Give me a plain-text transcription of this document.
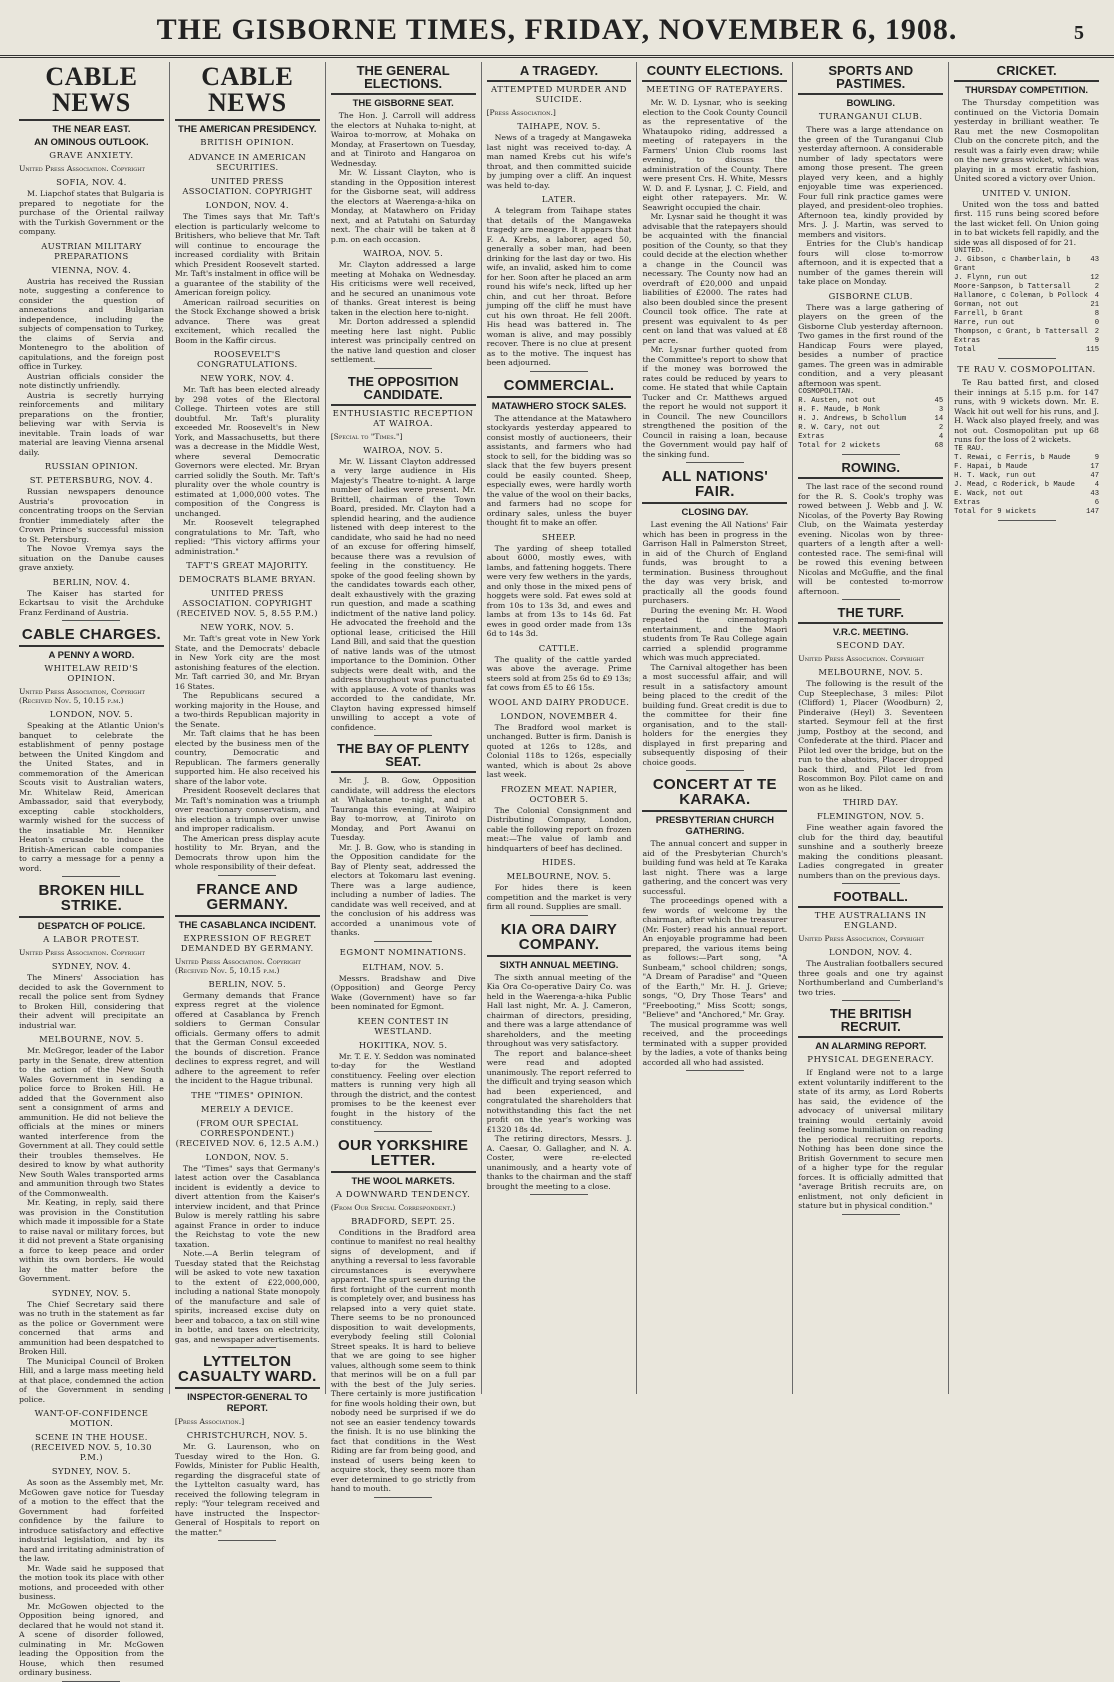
THE GISBORNE TIMES, FRIDAY, NOVEMBER 6, 1908.	5
CABLE NEWS
THE NEAR EAST.
AN OMINOUS OUTLOOK.
GRAVE ANXIETY.
United Press Association. Copyright
SOFIA, NOV. 4.

M. Liapchof states that Bulgaria is prepared to negotiate for the purchase of the Oriental railway with the Turkish Government or the company.

AUSTRIAN MILITARY PREPARATIONS
VIENNA, NOV. 4.

Austria has received the Russian note, suggesting a conference to consider the question of annexations and Bulgarian independence, including the subjects of compensation to Turkey, the claims of Servia and Montenegro to the abolition of capitulations, and the foreign post office in Turkey.

Austrian officials consider the note distinctly unfriendly.

Austria is secretly hurrying reinforcements and military preparations on the frontier, believing war with Servia is inevitable. Train loads of war material are leaving Vienna arsenal daily.

RUSSIAN OPINION.
ST. PETERSBURG, NOV. 4.

Russian newspapers denounce Austria's provocation in concentrating troops on the Servian frontier immediately after the Crown Prince's successful mission to St. Petersburg.

The Novoe Vremya says the situation on the Danube causes grave anxiety.

BERLIN, NOV. 4.

The Kaiser has started for Eckartsau to visit the Archduke Franz Ferdinand of Austria.

CABLE CHARGES.
A PENNY A WORD.
WHITELAW REID'S OPINION.
United Press Association, Copyright (Received Nov. 5, 10.15 p.m.)
LONDON, NOV. 5.

Speaking at the Atlantic Union's banquet to celebrate the establishment of penny postage between the United Kingdom and the United States, and in commemoration of the American Scouts visit to Australian waters, Mr. Whitelaw Reid, American Ambassador, said that everybody, excepting cable stockholders, warmly wished for the success of the insatiable Mr. Henniker Heaton's crusade to induce the British-American cable companies to carry a message for a penny a word.

BROKEN HILL STRIKE.
DESPATCH OF POLICE.
A LABOR PROTEST.
United Press Association. Copyright
SYDNEY, NOV. 4.

The Miners' Association has decided to ask the Government to recall the police sent from Sydney to Broken Hill, considering that their advent will precipitate an industrial war.

MELBOURNE, NOV. 5.

Mr. McGregor, leader of the Labor party in the Senate, drew attention to the action of the New South Wales Government in sending a police force to Broken Hill. He added that the Government also sent a consignment of arms and ammunition. He did not believe the officials at the mines or miners wanted interference from the Government at all. They could settle their troubles themselves. He desired to know by what authority New South Wales transported arms and ammunition through two States of the Commonwealth.

Mr. Keating, in reply, said there was provision in the Constitution which made it impossible for a State to raise naval or military forces, but it did not prevent a State organising a force to keep peace and order within its own borders. He would lay the matter before the Government.

SYDNEY, NOV. 5.

The Chief Secretary said there was no truth in the statement as far as the police or Government were concerned that arms and ammunition had been despatched to Broken Hill.

The Municipal Council of Broken Hill, and a large mass meeting held at that place, condemned the action of the Government in sending police.

WANT-OF-CONFIDENCE MOTION.
SCENE IN THE HOUSE. (RECEIVED NOV. 5, 10.30 P.M.)
SYDNEY, NOV. 5.

As soon as the Assembly met, Mr. McGowen gave notice for Tuesday of a motion to the effect that the Government had forfeited confidence by the failure to introduce satisfactory and effective industrial legislation, and by its hard and irritating administration of the law.

Mr. Wade said he supposed that the motion took its place with other motions, and proceeded with other business.

Mr. McGowen objected to the Opposition being ignored, and declared that he would not stand it. A scene of disorder followed, culminating in Mr. McGowen leading the Opposition from the House, which then resumed ordinary business.

CABLE NEWS
THE AMERICAN PRESIDENCY.
BRITISH OPINION.
ADVANCE IN AMERICAN SECURITIES.
UNITED PRESS ASSOCIATION. COPYRIGHT
LONDON, NOV. 4.

The Times says that Mr. Taft's election is particularly welcome to Britishers, who believe that Mr. Taft will continue to encourage the increased cordiality with Britain which President Roosevelt started. Mr. Taft's instalment in office will be a guarantee of the stability of the American foreign policy.

American railroad securities on the Stock Exchange showed a brisk advance. There was great excitement, which recalled the Boom in the Kaffir circus.

ROOSEVELT'S CONGRATULATIONS.
NEW YORK, NOV. 4.

Mr. Taft has been elected already by 298 votes of the Electoral College. Thirteen votes are still doubtful. Mr. Taft's plurality exceeded Mr. Roosevelt's in New York, and Massachusetts, but there was a decrease in the Middle West, where several Democratic Governors were elected. Mr. Bryan carried solidly the South. Mr. Taft's plurality over the whole country is estimated at 1,000,000 votes. The composition of the Congress is unchanged.

Mr. Roosevelt telegraphed congratulations to Mr. Taft, who replied: "This victory affirms your administration."

TAFT'S GREAT MAJORITY.
DEMOCRATS BLAME BRYAN.
UNITED PRESS ASSOCIATION. COPYRIGHT (RECEIVED NOV. 5, 8.55 P.M.)
NEW YORK, NOV. 5.

Mr. Taft's great vote in New York State, and the Democrats' debacle in New York city are the most astonishing features of the election. Mr. Taft carried 30, and Mr. Bryan 16 States.

The Republicans secured a working majority in the House, and a two-thirds Republican majority in the Senate.

Mr. Taft claims that he has been elected by the business men of the country, Democratic and Republican. The farmers generally supported him. He also received his share of the labor vote.

President Roosevelt declares that Mr. Taft's nomination was a triumph over reactionary conservatism, and his election a triumph over unwise and improper radicalism.

The American press display acute hostility to Mr. Bryan, and the Democrats throw upon him the whole responsibility of their defeat.

FRANCE AND GERMANY.
THE CASABLANCA INCIDENT.
EXPRESSION OF REGRET DEMANDED BY GERMANY.
United Press Association. Copyright (Received Nov. 5, 10.15 p.m.)
BERLIN, NOV. 5.

Germany demands that France express regret at the violence offered at Casablanca by French soldiers to German Consular officials. Germany offers to admit that the German Consul exceeded the bounds of discretion. France declines to express regret, and will adhere to the agreement to refer the incident to the Hague tribunal.

THE "TIMES" OPINION.
MERELY A DEVICE.
(FROM OUR SPECIAL CORRESPONDENT.) (RECEIVED NOV. 6, 12.5 A.M.)
LONDON, NOV. 5.

The "Times" says that Germany's latest action over the Casablanca incident is evidently a device to divert attention from the Kaiser's interview incident, and that Prince Bulow is merely rattling his sabre against France in order to induce the Reichstag to vote the new taxation.

Note.—A Berlin telegram of Tuesday stated that the Reichstag will be asked to vote new taxation to the extent of £22,000,000, including a national State monopoly of the manufacture and sale of spirits, increased excise duty on beer and tobacco, a tax on still wine in bottle, and taxes on electricity, gas, and newspaper advertisements.

LYTTELTON CASUALTY WARD.
INSPECTOR-GENERAL TO REPORT.
[Press Association.]
CHRISTCHURCH, NOV. 5.

Mr. G. Laurenson, who on Tuesday wired to the Hon. G. Fowlds, Minister for Public Health, regarding the disgraceful state of the Lyttelton casualty ward, has received the following telegram in reply: "Your telegram received and have instructed the Inspector-General of Hospitals to report on the matter."

THE GENERAL ELECTIONS.
THE GISBORNE SEAT.

The Hon. J. Carroll will address the electors at Nuhaka to-night, at Wairoa to-morrow, at Mohaka on Monday, at Frasertown on Tuesday, and at Tiniroto and Hangaroa on Wednesday.

Mr. W. Lissant Clayton, who is standing in the Opposition interest for the Gisborne seat, will address the electors at Waerenga-a-hika on Monday, at Matawhero on Friday next, and at Patutahi on Saturday next. The chair will be taken at 8 p.m. on each occasion.

WAIROA, NOV. 5.

Mr. Clayton addressed a large meeting at Mohaka on Wednesday. His criticisms were well received, and he secured an unanimous vote of thanks. Great interest is being taken in the election here to-night.

Mr. Dorton addressed a splendid meeting here last night. Public interest was principally centred on the native land question and closer settlement.

THE OPPOSITION CANDIDATE.
ENTHUSIASTIC RECEPTION AT WAIROA.
[Special to "Times."]
WAIROA, NOV. 5.

Mr. W. Lissant Clayton addressed a very large audience in His Majesty's Theatre to-night. A large number of ladies were present. Mr. Brittell, chairman of the Town Board, presided. Mr. Clayton had a splendid hearing, and the audience listened with deep interest to the candidate, who said he had no need of an excuse for offering himself, because there was a revulsion of feeling in the constituency. He spoke of the good feeling shown by the candidates towards each other, dealt exhaustively with the grazing run question, and made a scathing indictment of the native land policy. He advocated the freehold and the optional lease, criticised the Hill Land Bill, and said that the question of native lands was of the utmost importance to the Dominion. Other subjects were dealt with, and the address throughout was punctuated with applause. A vote of thanks was accorded to the candidate, Mr. Clayton having expressed himself unwilling to accept a vote of confidence.

THE BAY OF PLENTY SEAT.

Mr. J. B. Gow, Opposition candidate, will address the electors at Whakatane to-night, and at Tauranga this evening, at Waipiro Bay to-morrow, at Tiniroto on Monday, and Port Awanui on Tuesday.

Mr. J. B. Gow, who is standing in the Opposition candidate for the Bay of Plenty seat, addressed the electors at Tokomaru last evening. There was a large audience, including a number of ladies. The candidate was well received, and at the conclusion of his address was accorded a unanimous vote of thanks.

EGMONT NOMINATIONS.
ELTHAM, NOV. 5.

Messrs. Bradshaw and Dive (Opposition) and George Percy Wake (Government) have so far been nominated for Egmont.

KEEN CONTEST IN WESTLAND.
HOKITIKA, NOV. 5.

Mr. T. E. Y. Seddon was nominated to-day for the Westland constituency. Feeling over election matters is running very high all through the district, and the contest promises to be the keenest ever fought in the history of the constituency.

OUR YORKSHIRE LETTER.
THE WOOL MARKETS.
A DOWNWARD TENDENCY.
(From Our Special Correspondent.)
BRADFORD, SEPT. 25.

Conditions in the Bradford area continue to manifest no real healthy signs of development, and if anything a reversal to less favorable circumstances is everywhere apparent. The spurt seen during the first fortnight of the current month is completely over, and business has relapsed into a very quiet state. There seems to be no pronounced disposition to wait developments, everybody feeling still Colonial Street speaks. It is hard to believe that we are going to see higher values, although some seem to think that merinos will be on a full par with the best of the July series. There certainly is more justification for fine wools holding their own, but nobody need be surprised if we do not see an easier tendency towards the finish. It is no use blinking the fact that conditions in the West Riding are far from being good, and instead of users being keen to acquire stock, they seem more than ever determined to go strictly from hand to mouth.

A TRAGEDY.
ATTEMPTED MURDER AND SUICIDE.
[Press Association.]
TAIHAPE, NOV. 5.

News of a tragedy at Mangaweka last night was received to-day. A man named Krebs cut his wife's throat, and then committed suicide by jumping over a cliff. An inquest was held to-day.

LATER.

A telegram from Taihape states that details of the Mangaweka tragedy are meagre. It appears that F. A. Krebs, a laborer, aged 50, generally a sober man, had been drinking for the last day or two. His wife, an invalid, asked him to come for her. Soon after he placed an arm round his wife's neck, lifted up her chin, and cut her throat. Before jumping off the cliff he must have cut his own throat. He fell 200ft. His head was battered in. The woman is alive, and may possibly recover. There is no clue at present as to the motive. The inquest has been adjourned.

COMMERCIAL.
MATAWHERO STOCK SALES.

The attendance at the Matawhero stockyards yesterday appeared to consist mostly of auctioneers, their assistants, and farmers who had stock to sell, for the bidding was so slack that the few buyers present could be easily counted. Sheep, especially ewes, were hardly worth the value of the wool on their backs, and farmers had no scope for ordinary sales, unless the buyer thought fit to make an offer.

SHEEP.

The yarding of sheep totalled about 6000, mostly ewes, with lambs, and fattening hoggets. There were very few wethers in the yards, and only those in the mixed pens of hoggets were sold. Fat ewes sold at from 10s to 13s 3d, and ewes and lambs at from 13s to 14s 6d. Fat ewes in good order made from 13s 6d to 14s 3d.

CATTLE.

The quality of the cattle yarded was above the average. Prime steers sold at from 25s 6d to £9 13s; fat cows from £5 to £6 15s.

WOOL AND DAIRY PRODUCE.
LONDON, NOVEMBER 4.

The Bradford wool market is unchanged. Butter is firm. Danish is quoted at 126s to 128s, and Colonial 118s to 126s, especially wanted, which is about 2s above last week.

FROZEN MEAT. NAPIER, OCTOBER 5.

The Colonial Consignment and Distributing Company, London, cable the following report on frozen meat:—The value of lamb and hindquarters of beef has declined.

HIDES.
MELBOURNE, NOV. 5.

For hides there is keen competition and the market is very firm all round. Supplies are small.

KIA ORA DAIRY COMPANY.
SIXTH ANNUAL MEETING.

The sixth annual meeting of the Kia Ora Co-operative Dairy Co. was held in the Waerenga-a-hika Public Hall last night, Mr. A. J. Cameron, chairman of directors, presiding, and there was a large attendance of shareholders, and the meeting throughout was very satisfactory.

The report and balance-sheet were read and adopted unanimously. The report referred to the difficult and trying season which had been experienced, and congratulated the shareholders that notwithstanding this fact the net profit on the year's working was £1320 18s 4d.

The retiring directors, Messrs. J. A. Caesar, O. Gallagher, and N. A. Coster, were re-elected unanimously, and a hearty vote of thanks to the chairman and the staff brought the meeting to a close.

COUNTY ELECTIONS.
MEETING OF RATEPAYERS.

Mr. W. D. Lysnar, who is seeking election to the Cook County Council as the representative of the Whataupoko riding, addressed a meeting of ratepayers in the Farmers' Union Club rooms last evening, to discuss the administration of the County. There were present Crs. H. White, Messrs W. D. and F. Lysnar, J. C. Field, and eight other ratepayers. Mr. W. Seawright occupied the chair.

Mr. Lysnar said he thought it was advisable that the ratepayers should be acquainted with the financial position of the County, so that they could decide at the election whether a change in the Council was necessary. The County now had an overdraft of £20,000 and unpaid liabilities of £2000. The rates had also been doubled since the present Council took office. The rate at present was equivalent to 4s per cent on land that was valued at £8 per acre.

Mr. Lysnar further quoted from the Committee's report to show that if the money was borrowed the rates could be reduced by years to come. He stated that while Captain Tucker and Cr. Matthews argued the report he would not support it in Council. The new Councillors strengthened the position of the Council in raising a loan, because the Government would pay half of the sinking fund.

ALL NATIONS' FAIR.
CLOSING DAY.

Last evening the All Nations' Fair which has been in progress in the Garrison Hall in Palmerston Street, in aid of the Church of England funds, was brought to a termination. Business throughout the day was very brisk, and practically all the goods found purchasers.

During the evening Mr. H. Wood repeated the cinematograph entertainment, and the Maori students from Te Rau College again carried a splendid programme which was much appreciated.

The Carnival altogether has been a most successful affair, and will result in a satisfactory amount being placed to the credit of the building fund. Great credit is due to the committee for their fine organisation, and to the stall-holders for the energies they displayed in first preparing and subsequently disposing of their choice goods.

CONCERT AT TE KARAKA.
PRESBYTERIAN CHURCH GATHERING.

The annual concert and supper in aid of the Presbyterian Church's building fund was held at Te Karaka last night. There was a large gathering, and the concert was very successful.

The proceedings opened with a few words of welcome by the chairman, after which the treasurer (Mr. Foster) read his annual report. An enjoyable programme had been prepared, the various items being as follows:—Part song, "A Sunbeam," school children; songs, "A Dream of Paradise" and "Queen of the Earth," Mr. H. J. Grieve; songs, "O, Dry Those Tears" and "Freebooting," Miss Scott; songs, "Believe" and "Anchored," Mr. Gray.

The musical programme was well received, and the proceedings terminated with a supper provided by the ladies, a vote of thanks being accorded all who had assisted.

SPORTS AND PASTIMES.
BOWLING.
TURANGANUI CLUB.

There was a large attendance on the green of the Turanganui Club yesterday afternoon. A considerable number of lady spectators were among those present. The green played very keen, and a highly enjoyable time was experienced. Four full rink practice games were played, and president-oleo trophies. Afternoon tea, kindly provided by Mrs. J. J. Martin, was served to members and visitors.

Entries for the Club's handicap fours will close to-morrow afternoon, and it is expected that a number of the games therein will take place on Monday.

GISBORNE CLUB.

There was a large gathering of players on the green of the Gisborne Club yesterday afternoon. Two games in the first round of the Handicap Fours were played, besides a number of practice games. The green was in admirable condition, and a very pleasant afternoon was spent.

COSMOPOLITAN.
R. Austen, not out	45
H. F. Maude, b Monk	3
H. J. Andrews, b Schollum	14
R. W. Cary, not out	2
Extras	4
Total for 2 wickets	68
ROWING.

The last race of the second round for the R. S. Cook's trophy was rowed between J. Webb and J. W. Nicolas, of the Poverty Bay Rowing Club, on the Waimata yesterday evening. Nicolas won by three-quarters of a length after a well-contested race. The semi-final will be rowed this evening between Nicolas and McGuffie, and the final will be contested to-morrow afternoon.

THE TURF.
V.R.C. MEETING.
SECOND DAY.
United Press Association. Copyright
MELBOURNE, NOV. 5.

The following is the result of the Cup Steeplechase, 3 miles: Pilot (Clifford) 1, Placer (Woodburn) 2, Pinderaive (Heyl) 3. Seventeen started. Seymour fell at the first jump, Postboy at the second, and Confederate at the third. Placer and Pilot led over the bridge, but on the run to the abattoirs, Placer dropped back third, and Pilot led from Roscommon Boy. Pilot came on and won as he liked.

THIRD DAY.
FLEMINGTON, NOV. 5.

Fine weather again favored the club for the third day, beautiful sunshine and a southerly breeze making the conditions pleasant. Ladies congregated in greater numbers than on the previous days.

FOOTBALL.
THE AUSTRALIANS IN ENGLAND.
United Press Association, Copyright
LONDON, NOV. 4.

The Australian footballers secured three goals and one try against Northumberland and Cumberland's two tries.

THE BRITISH RECRUIT.
AN ALARMING REPORT.
PHYSICAL DEGENERACY.

If England were not to a large extent voluntarily indifferent to the state of its army, as Lord Roberts has said, the evidence of the advocacy of universal military training would certainly avoid feeling some humiliation on reading the periodical recruiting reports. Nothing has been done since the British Government to secure men of a higher type for the regular forces. It is officially admitted that "average British recruits are, on enlistment, not only deficient in stature but in physical condition."

CRICKET.
THURSDAY COMPETITION.

The Thursday competition was continued on the Victoria Domain yesterday in brilliant weather. Te Rau met the new Cosmopolitan Club on the concrete pitch, and the result was a fairly even draw; while on the new grass wicket, which was playing in a most erratic fashion, United scored a victory over Union.

UNITED V. UNION.

United won the toss and batted first. 115 runs being scored before the last wicket fell. On Union going in to bat wickets fell rapidly, and the side was all disposed of for 21.

UNITED.
J. Gibson, c Chamberlain, b Grant
43
J. Flynn, run out	12
Moore-Sampson, b Tattersall	2
Hallamore, c Coleman, b Pollock 4
Gorman, not out	21
Farrell, b Grant	8
Harre, run out	0
Thompson, c Grant, b Tattersall 2
Extras	9
Total	115
TE RAU V. COSMOPOLITAN.

Te Rau batted first, and closed their innings at 5.15 p.m. for 147 runs, with 9 wickets down. Mr. E. Wack hit out well for his runs, and J. H. Wack also played freely, and was not out. Cosmopolitan put up 68 runs for the loss of 2 wickets.

TE RAU.
T. Rewai, c Ferris, b Maude	9
F. Hapai, b Maude	17
H. T. Wack, run out	47
J. Mead, c Roderick, b Maude	4
E. Wack, not out	43
Extras	6
Total for 9 wickets	147
